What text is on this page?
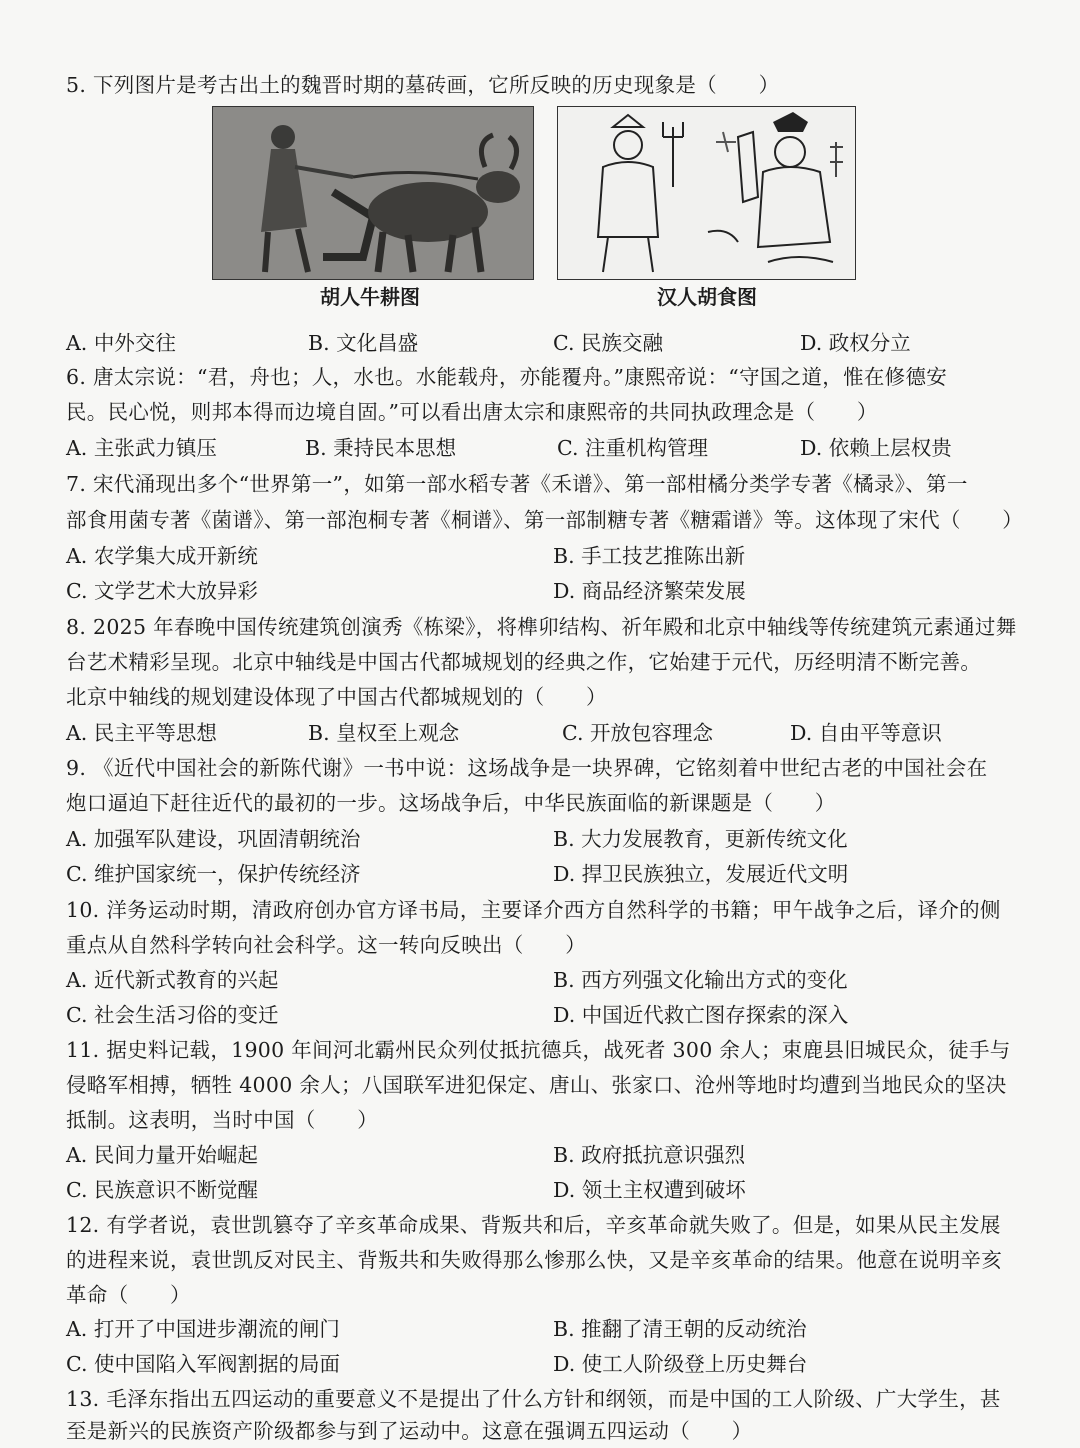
5. 下列图片是考古出土的魏晋时期的墓砖画，它所反映的历史现象是（　　）
胡人牛耕图	汉人胡食图
A. 中外交往	B. 文化昌盛	C. 民族交融	D. 政权分立
6. 唐太宗说：“君，舟也；人，水也。水能载舟，亦能覆舟。”康熙帝说：“守国之道，惟在修德安
民。民心悦，则邦本得而边境自固。”可以看出唐太宗和康熙帝的共同执政理念是（　　）
A. 主张武力镇压	B. 秉持民本思想	C. 注重机构管理	D. 依赖上层权贵
7. 宋代涌现出多个“世界第一”，如第一部水稻专著《禾谱》、第一部柑橘分类学专著《橘录》、第一
部食用菌专著《菌谱》、第一部泡桐专著《桐谱》、第一部制糖专著《糖霜谱》等。这体现了宋代（　　）
A. 农学集大成开新统	B. 手工技艺推陈出新
C. 文学艺术大放异彩	D. 商品经济繁荣发展
8. 2025 年春晚中国传统建筑创演秀《栋梁》，将榫卯结构、祈年殿和北京中轴线等传统建筑元素通过舞
台艺术精彩呈现。北京中轴线是中国古代都城规划的经典之作，它始建于元代，历经明清不断完善。
北京中轴线的规划建设体现了中国古代都城规划的（　　）
A. 民主平等思想	B. 皇权至上观念	C. 开放包容理念	D. 自由平等意识
9. 《近代中国社会的新陈代谢》一书中说：这场战争是一块界碑，它铭刻着中世纪古老的中国社会在
炮口逼迫下赶往近代的最初的一步。这场战争后，中华民族面临的新课题是（　　）
A. 加强军队建设，巩固清朝统治	B. 大力发展教育，更新传统文化
C. 维护国家统一，保护传统经济	D. 捍卫民族独立，发展近代文明
10. 洋务运动时期，清政府创办官方译书局，主要译介西方自然科学的书籍；甲午战争之后，译介的侧
重点从自然科学转向社会科学。这一转向反映出（　　）
A. 近代新式教育的兴起	B. 西方列强文化输出方式的变化
C. 社会生活习俗的变迁	D. 中国近代救亡图存探索的深入
11. 据史料记载，1900 年间河北霸州民众列仗抵抗德兵，战死者 300 余人；束鹿县旧城民众，徒手与
侵略军相搏，牺牲 4000 余人；八国联军进犯保定、唐山、张家口、沧州等地时均遭到当地民众的坚决
抵制。这表明，当时中国（　　）
A. 民间力量开始崛起	B. 政府抵抗意识强烈
C. 民族意识不断觉醒	D. 领土主权遭到破坏
12. 有学者说，袁世凯篡夺了辛亥革命成果、背叛共和后，辛亥革命就失败了。但是，如果从民主发展
的进程来说，袁世凯反对民主、背叛共和失败得那么惨那么快，又是辛亥革命的结果。他意在说明辛亥
革命（　　）
A. 打开了中国进步潮流的闸门	B. 推翻了清王朝的反动统治
C. 使中国陷入军阀割据的局面	D. 使工人阶级登上历史舞台
13. 毛泽东指出五四运动的重要意义不是提出了什么方针和纲领，而是中国的工人阶级、广大学生，甚
至是新兴的民族资产阶级都参与到了运动中。这意在强调五四运动（　　）
